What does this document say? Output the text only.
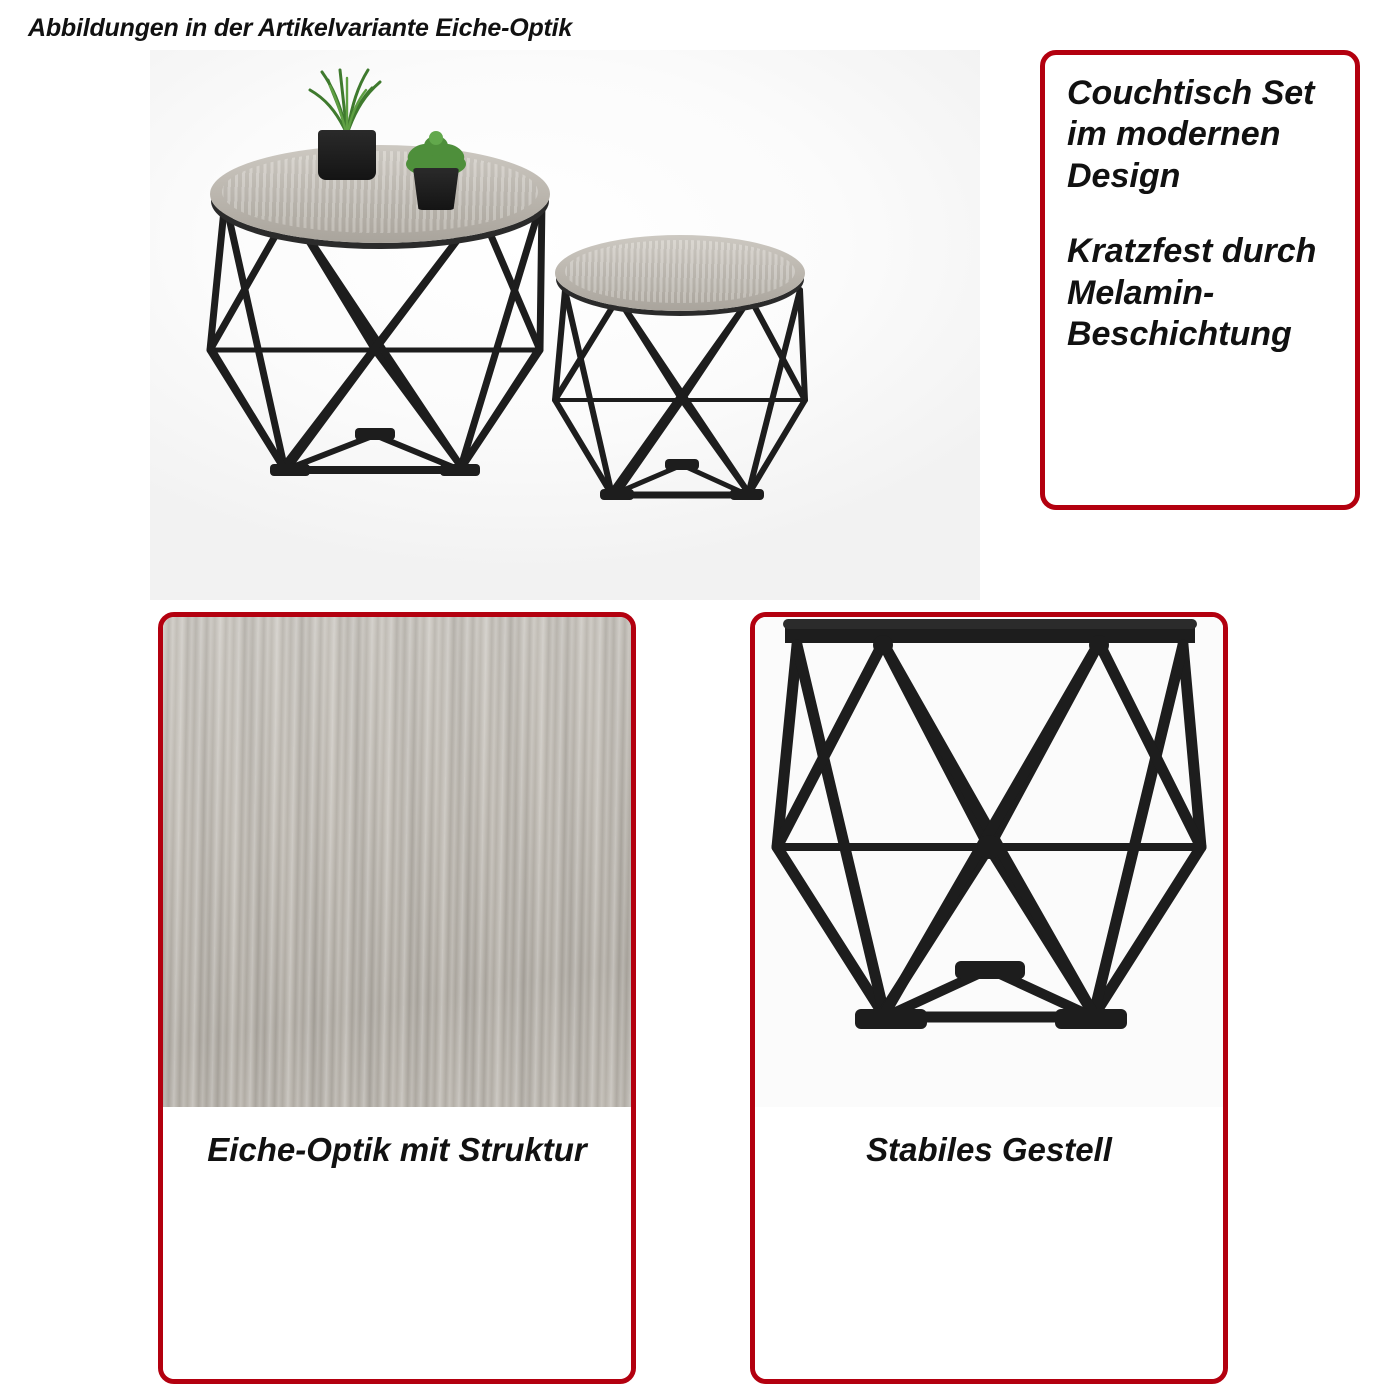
Abbildungen in der Artikelvariante Eiche-Optik
Couchtisch Set im modernen Design
Kratzfest durch Melamin-Beschichtung
Eiche-Optik mit Struktur	Stabiles Gestell
